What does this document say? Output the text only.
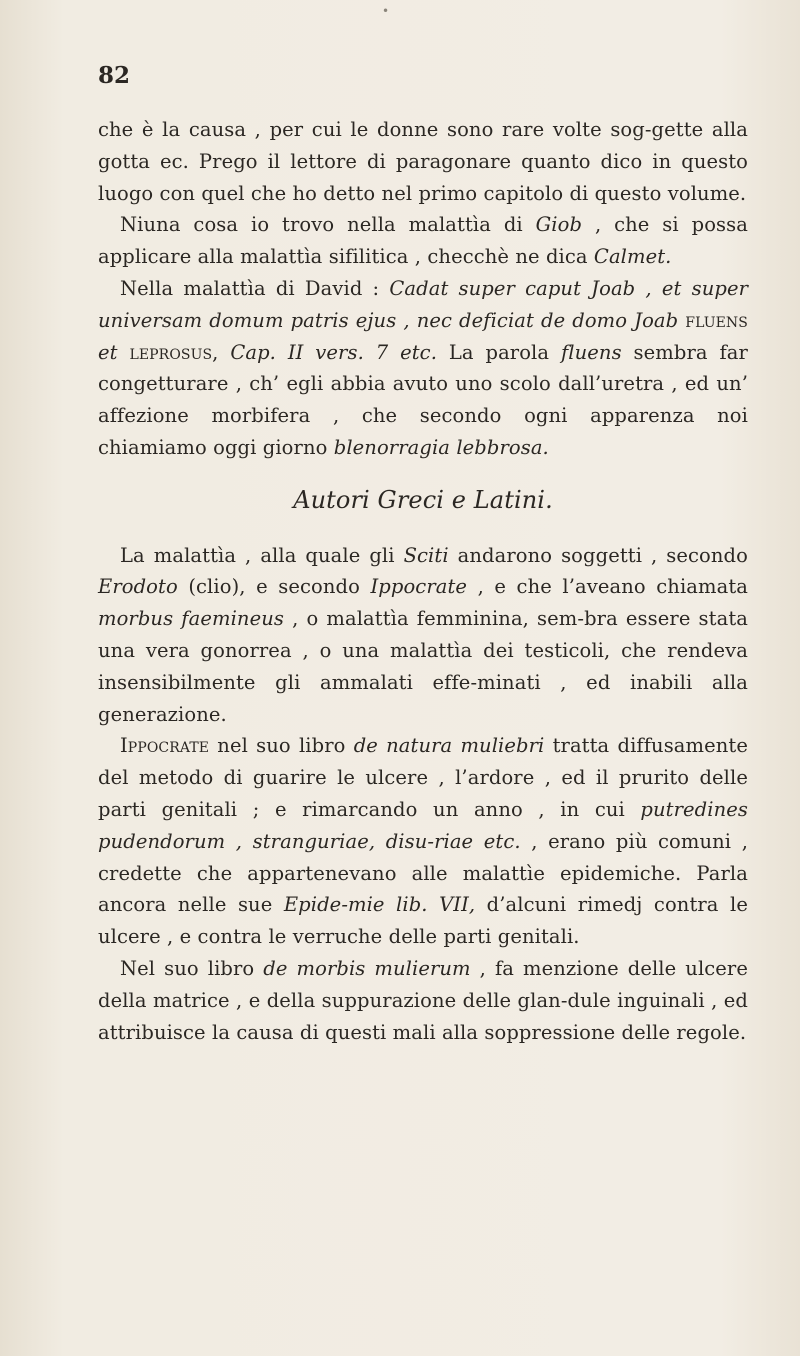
•
82

che è la causa , per cui le donne sono rare volte sog‑gette alla gotta ec. Prego il lettore di paragonare quanto dico in questo luogo con quel che ho detto nel primo capitolo di questo volume.

Niuna cosa io trovo nella malattìa di Giob , che si possa applicare alla malattìa sifilitica , checchè ne dica Calmet.

Nella malattìa di David : Cadat super caput Joab , et super universam domum patris ejus , nec deficiat de domo Joab fluens et leprosus, Cap. II vers. 7 etc. La parola fluens sembra far congetturare , ch’ egli abbia avuto uno scolo dall’uretra , ed un’ affezione morbifera , che secondo ogni apparenza noi chiamiamo oggi giorno blenorragia lebbrosa.

Autori Greci e Latini.

La malattìa , alla quale gli Sciti andarono soggetti , secondo Erodoto (clio), e secondo Ippocrate , e che l’aveano chiamata morbus faemineus , o malattìa femminina, sem‑bra essere stata una vera gonorrea , o una malattìa dei testicoli, che rendeva insensibilmente gli ammalati effe‑minati , ed inabili alla generazione.

Ippocrate nel suo libro de natura muliebri tratta diffusamente del metodo di guarire le ulcere , l’ardore , ed il prurito delle parti genitali ; e rimarcando un anno , in cui putredines pudendorum , stranguriae, disu‑riae etc. , erano più comuni , credette che appartenevano alle malattìe epidemiche. Parla ancora nelle sue Epide‑mie lib. VII, d’alcuni rimedj contra le ulcere , e contra le verruche delle parti genitali.

Nel suo libro de morbis mulierum , fa menzione delle ulcere della matrice , e della suppurazione delle glan‑dule inguinali , ed attribuisce la causa di questi mali alla soppressione delle regole.
